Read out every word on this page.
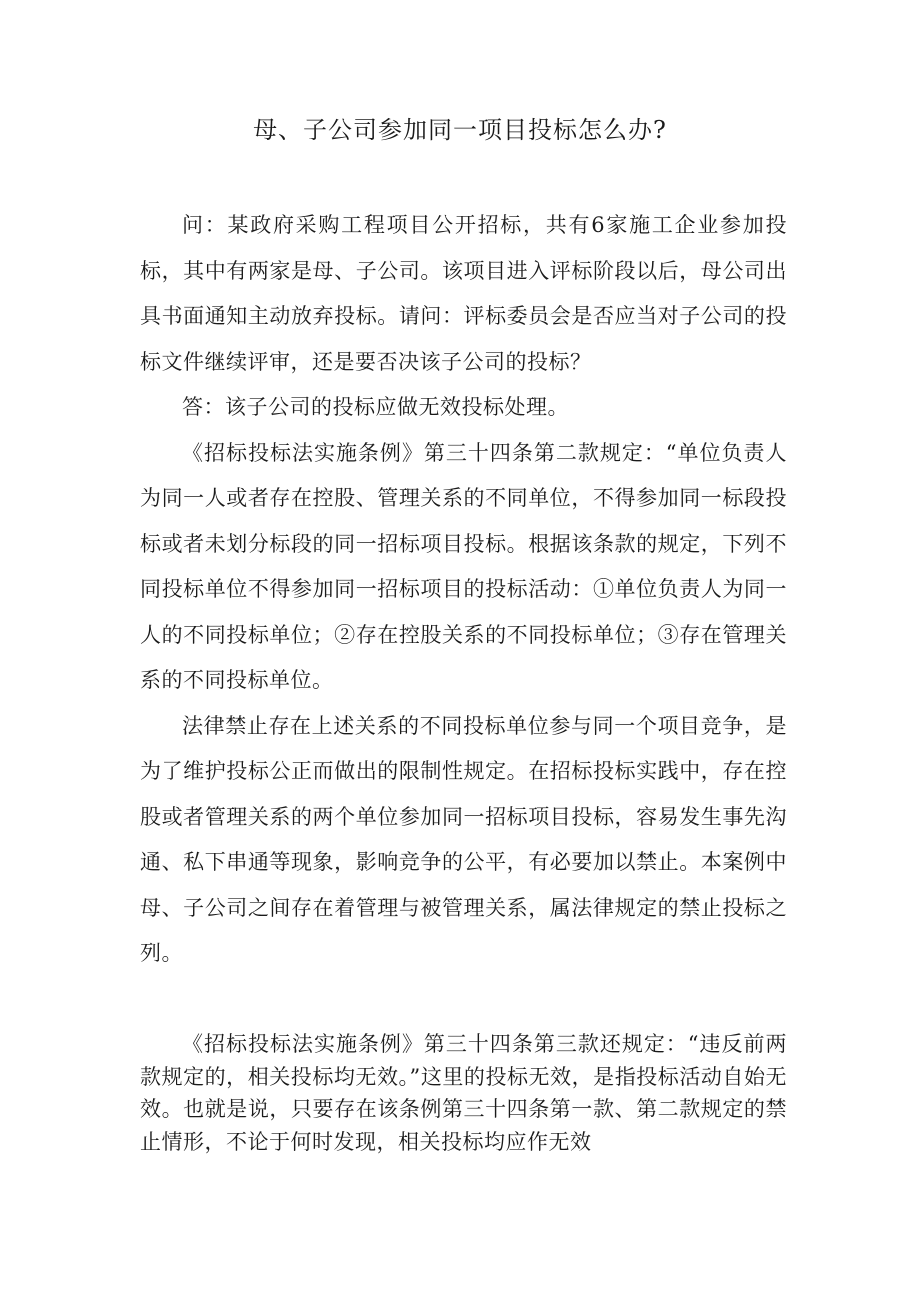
母、子公司参加同一项目投标怎么办?

问：某政府采购工程项目公开招标，共有6家施工企业参加投标，其中有两家是母、子公司。该项目进入评标阶段以后，母公司出具书面通知主动放弃投标。请问：评标委员会是否应当对子公司的投标文件继续评审，还是要否决该子公司的投标？

答：该子公司的投标应做无效投标处理。

《招标投标法实施条例》第三十四条第二款规定：“单位负责人为同一人或者存在控股、管理关系的不同单位，不得参加同一标段投标或者未划分标段的同一招标项目投标。根据该条款的规定，下列不同投标单位不得参加同一招标项目的投标活动：①单位负责人为同一人的不同投标单位；②存在控股关系的不同投标单位；③存在管理关系的不同投标单位。

法律禁止存在上述关系的不同投标单位参与同一个项目竞争，是为了维护投标公正而做出的限制性规定。在招标投标实践中，存在控股或者管理关系的两个单位参加同一招标项目投标，容易发生事先沟通、私下串通等现象，影响竞争的公平，有必要加以禁止。本案例中母、子公司之间存在着管理与被管理关系，属法律规定的禁止投标之列。

《招标投标法实施条例》第三十四条第三款还规定：“违反前两款规定的，相关投标均无效。”这里的投标无效，是指投标活动自始无效。也就是说，只要存在该条例第三十四条第一款、第二款规定的禁止情形，不论于何时发现，相关投标均应作无效
